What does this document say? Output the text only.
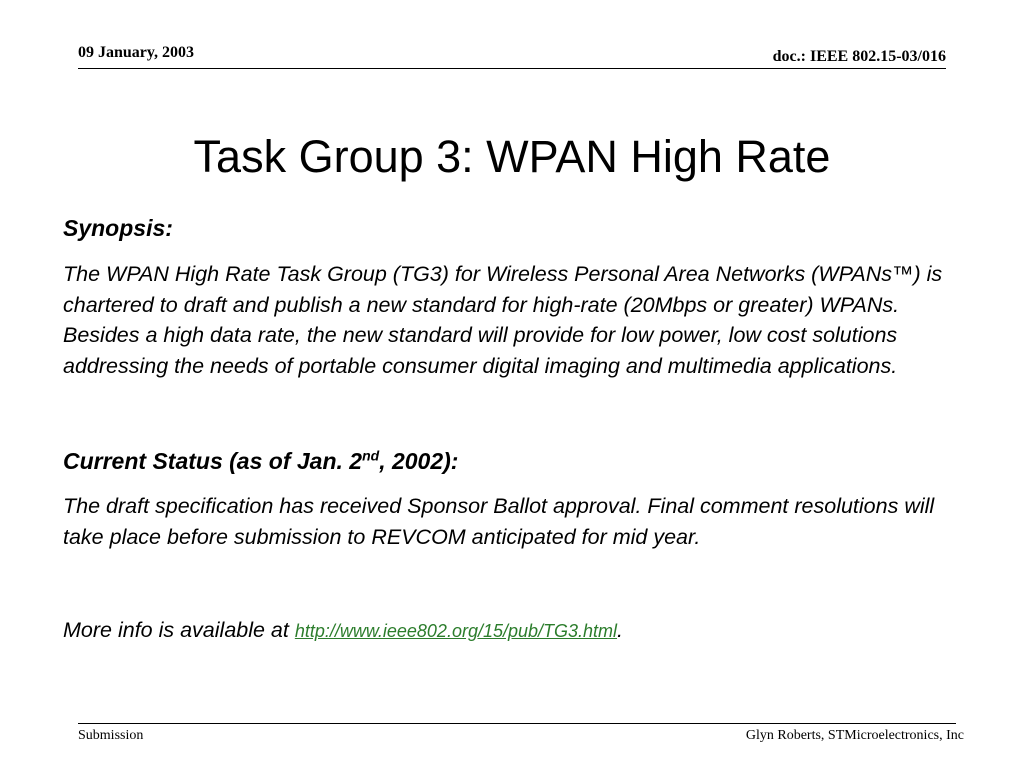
09 January, 2003	doc.: IEEE 802.15-03/016
Task Group 3: WPAN High Rate
Synopsis:
The WPAN High Rate Task Group (TG3) for Wireless Personal Area Networks (WPANs™) is chartered to draft and publish a new standard for high-rate (20Mbps or greater) WPANs. Besides a high data rate, the new standard will provide for low power, low cost solutions addressing the needs of portable consumer digital imaging and multimedia applications.
Current Status (as of Jan. 2nd, 2002):
The draft specification has received Sponsor Ballot approval. Final comment resolutions will take place before submission to REVCOM anticipated for mid year.
More info is available at http://www.ieee802.org/15/pub/TG3.html.
Submission	Glyn Roberts, STMicroelectronics, Inc
